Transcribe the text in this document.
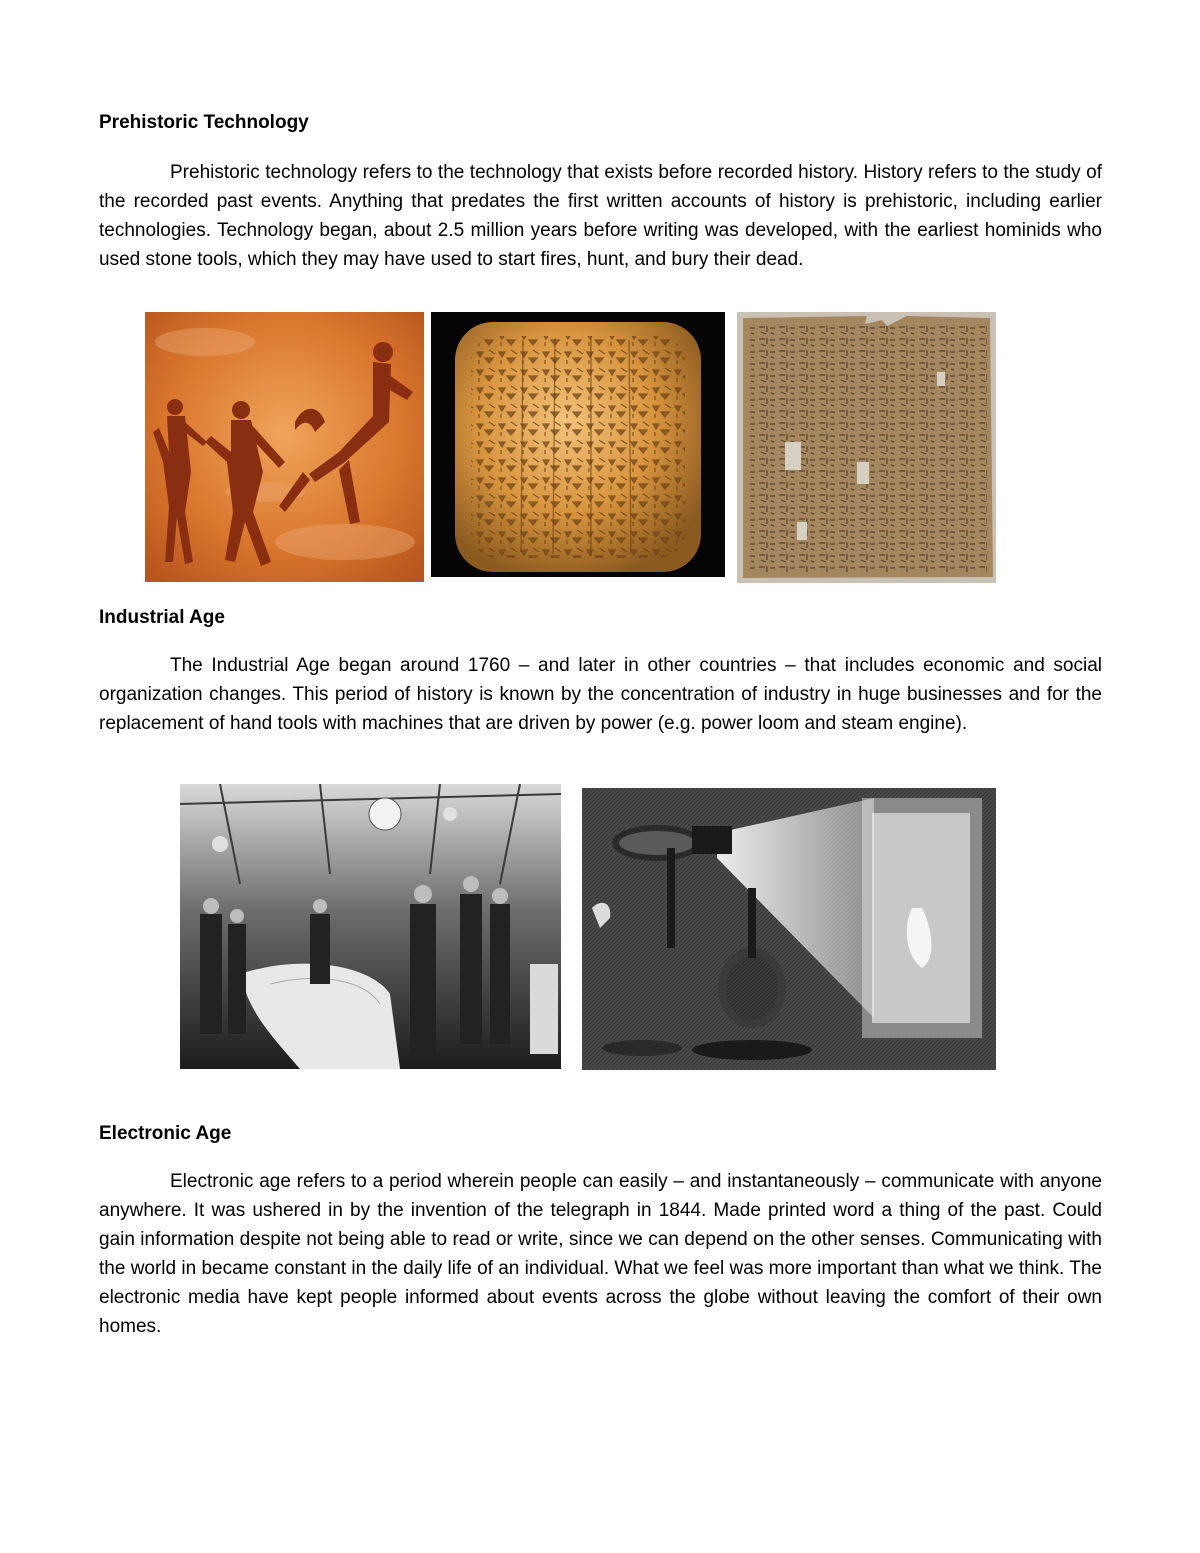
Prehistoric Technology

Prehistoric technology refers to the technology that exists before recorded history. History refers to the study of the recorded past events. Anything that predates the first written accounts of history is prehistoric, including earlier technologies. Technology began, about 2.5 million years before writing was developed, with the earliest hominids who used stone tools, which they may have used to start fires, hunt, and bury their dead.

Industrial Age

The Industrial Age began around 1760 – and later in other countries – that includes economic and social organization changes. This period of history is known by the concentration of industry in huge businesses and for the replacement of hand tools with machines that are driven by power (e.g. power loom and steam engine).

Electronic Age

Electronic age refers to a period wherein people can easily – and instantaneously – communicate with anyone anywhere. It was ushered in by the invention of the telegraph in 1844. Made printed word a thing of the past. Could gain information despite not being able to read or write, since we can depend on the other senses. Communicating with the world in became constant in the daily life of an individual. What we feel was more important than what we think. The electronic media have kept people informed about events across the globe without leaving the comfort of their own homes.
